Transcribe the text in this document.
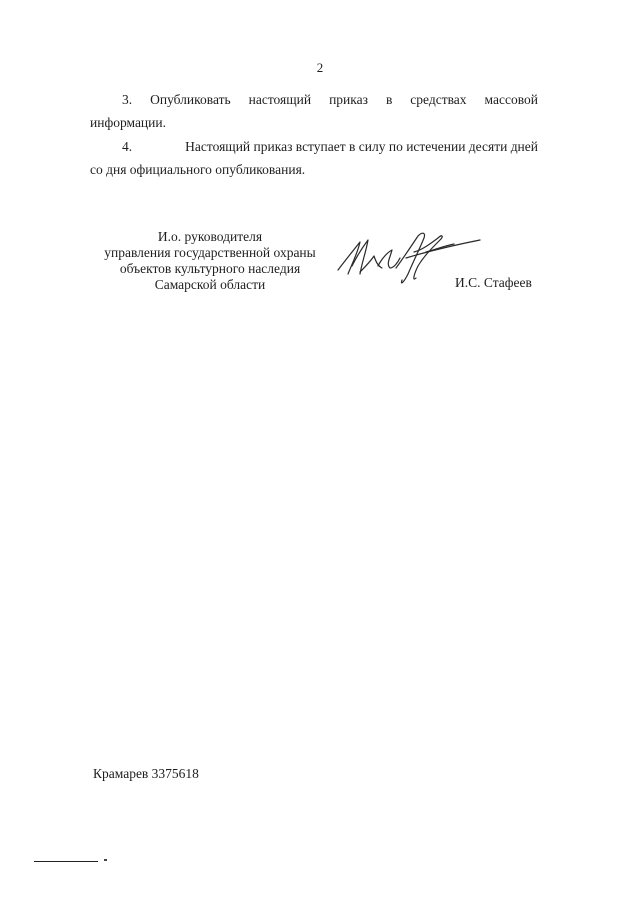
2
3. Опубликовать настоящий приказ в средствах массовой
информации.
4.	Настоящий приказ вступает в силу по истечении десяти дней
со дня официального опубликования.
И.о. руководителя
управления государственной охраны
объектов культурного наследия
Самарской области	И.С. Стафеев
Крамарев 3375618
